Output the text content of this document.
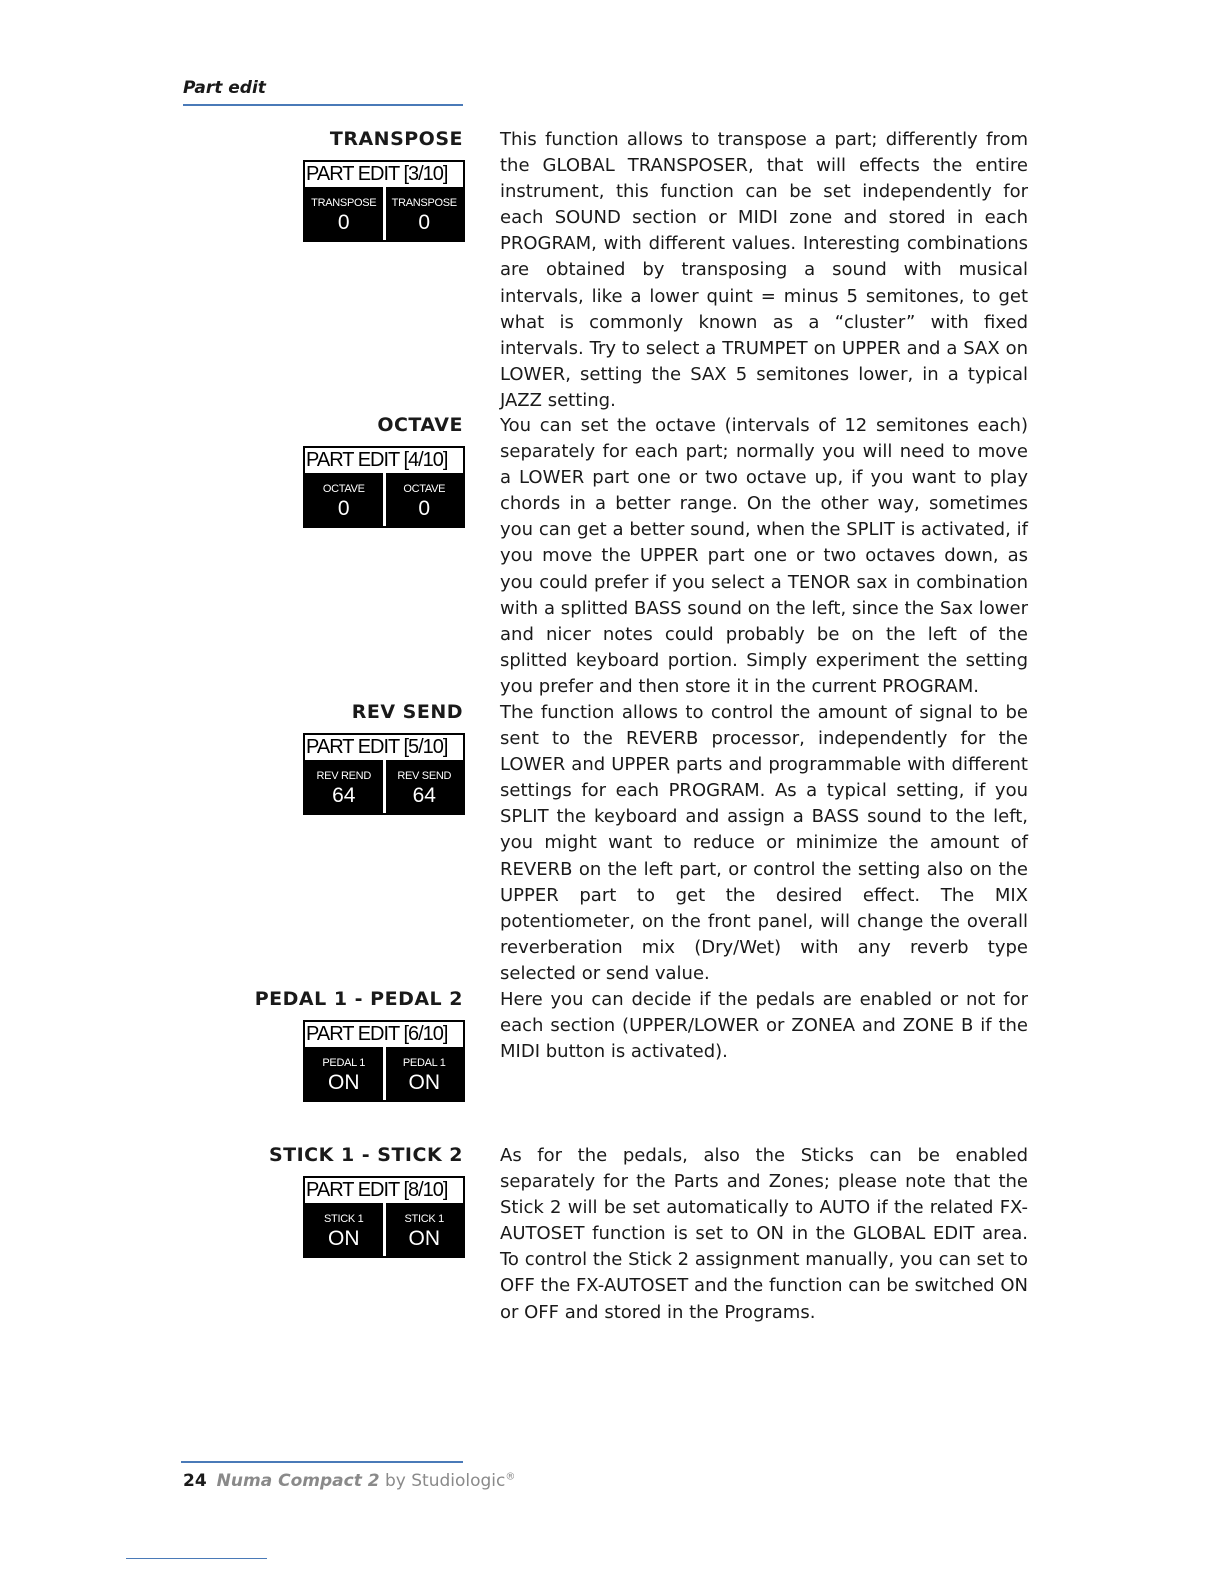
Part edit
TRANSPOSE
PART EDIT [3/10]
TRANSPOSE
0
TRANSPOSE
0
This function allows to transpose a part; differently from the GLOBAL TRANSPOSER, that will effects the entire instrument, this function can be set independently for each SOUND section or MIDI zone and stored in each PROGRAM, with different values. Interesting combinations are obtained by transposing a sound with musical intervals, like a lower quint = minus 5 semitones, to get what is commonly known as a “cluster” with fixed intervals. Try to select a TRUMPET on UPPER and a SAX on LOWER, setting the SAX 5 semitones lower, in a typical JAZZ setting.
OCTAVE
PART EDIT [4/10]
OCTAVE
0
OCTAVE
0
You can set the octave (intervals of 12 semitones each) separately for each part; normally you will need to move a LOWER part one or two octave up, if you want to play chords in a better range. On the other way, sometimes you can get a better sound, when the SPLIT is activated, if you move the UPPER part one or two octaves down, as you could prefer if you select a TENOR sax in combination with a splitted BASS sound on the left, since the Sax lower and nicer notes could probably be on the left of the splitted keyboard portion. Simply experiment the setting you prefer and then store it in the current PROGRAM.
REV SEND
PART EDIT [5/10]
REV REND
64
REV SEND
64
The function allows to control the amount of signal to be sent to the REVERB processor, independently for the LOWER and UPPER parts and programmable with different settings for each PROGRAM. As a typical setting, if you SPLIT the keyboard and assign a BASS sound to the left, you might want to reduce or minimize the amount of REVERB on the left part, or control the setting also on the UPPER part to get the desired effect. The MIX potentiometer, on the front panel, will change the overall reverberation mix (Dry/Wet) with any reverb type selected or send value.
PEDAL 1 - PEDAL 2
PART EDIT [6/10]
PEDAL 1
ON
PEDAL 1
ON
Here you can decide if the pedals are enabled or not for each section (UPPER/LOWER or ZONEA and ZONE B if the MIDI button is activated).
STICK 1 - STICK 2
PART EDIT [8/10]
STICK 1
ON
STICK 1
ON
As for the pedals, also the Sticks can be enabled separately for the Parts and Zones; please note that the Stick 2 will be set automatically to AUTO if the related FX-AUTOSET function is set to ON in the GLOBAL EDIT area. To control the Stick 2 assignment manually, you can set to OFF the FX-AUTOSET and the function can be switched ON or OFF and stored in the Programs.
24 Numa Compact 2 by Studiologic®
